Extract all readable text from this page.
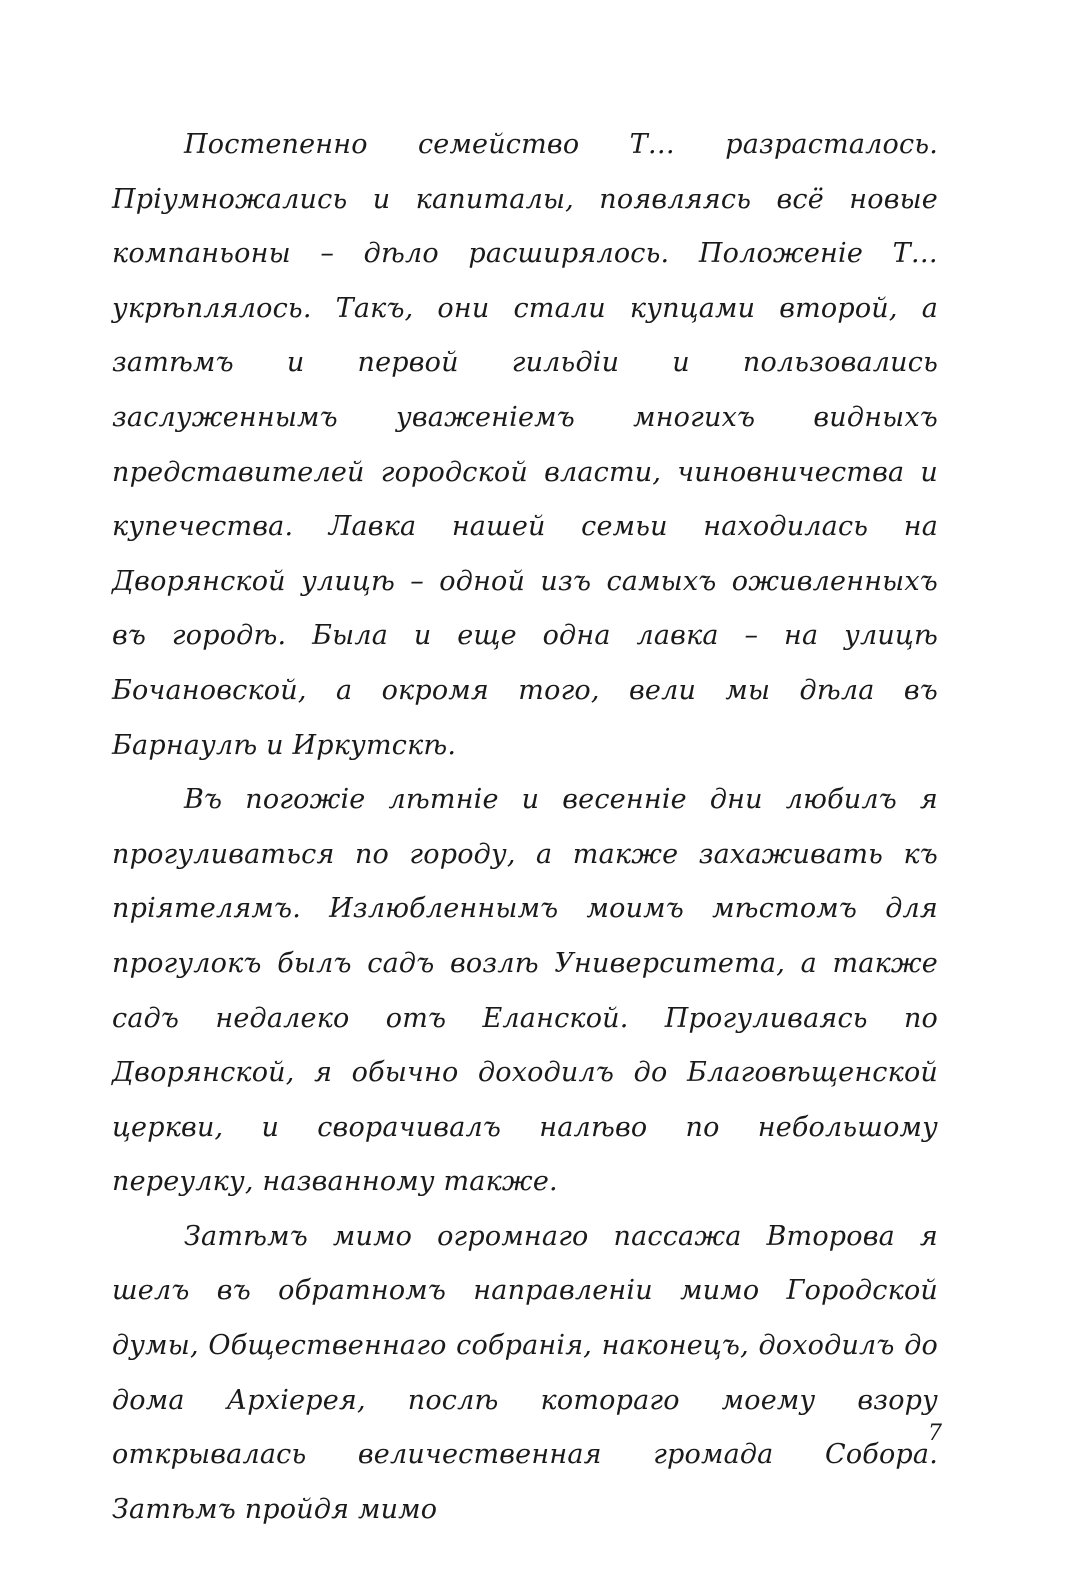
Постепенно семейство Т… разрасталось. Пріумножались и капиталы, появляясь всё новые компаньоны – дѣло расширялось. Положеніе Т… укрѣплялось. Такъ, они стали купцами второй, а затѣмъ и первой гильдіи и пользовались заслуженнымъ уваженіемъ многихъ видныхъ представителей городской власти, чиновничества и купечества. Лавка нашей семьи находилась на Дворянской улицѣ – одной изъ самыхъ оживленныхъ въ городѣ. Была и еще одна лавка – на улицѣ Бочановской, а окромя того, вели мы дѣла въ Барнаулѣ и Иркутскѣ.

Въ погожіе лѣтніе и весенніе дни любилъ я прогуливаться по городу, а также захаживать къ пріятелямъ. Излюбленнымъ моимъ мѣстомъ для прогулокъ былъ садъ возлѣ Университета, а также садъ недалеко отъ Еланской. Прогуливаясь по Дворянской, я обычно доходилъ до Благовѣщенской церкви, и сворачивалъ налѣво по небольшому переулку, названному также.

Затѣмъ мимо огромнаго пассажа Второва я шелъ въ обратномъ направленіи мимо Городской думы, Общественнаго собранія, наконецъ, доходилъ до дома Архіерея, послѣ котораго моему взору открывалась величественная громада Собора. Затѣмъ пройдя мимо

7
